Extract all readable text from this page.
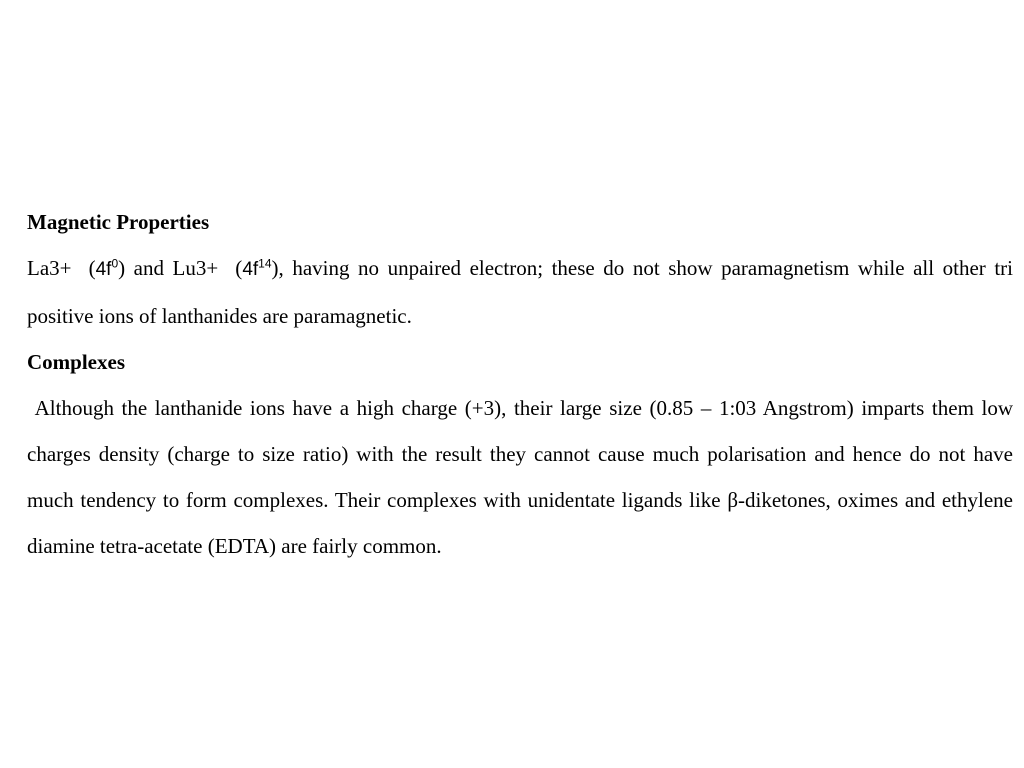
Magnetic Properties

$La3+ (4f^0)$ and $Lu3+ (4f^{14})$, having no unpaired electron; these do not show paramagnetism while all other tri positive ions of lanthanides are paramagnetic.

Complexes

Although the lanthanide ions have a high charge (+3), their large size (0.85 – 1:03 Angstrom) imparts them low charges density (charge to size ratio) with the result they cannot cause much polarisation and hence do not have much tendency to form complexes. Their complexes with unidentate ligands like β-diketones, oximes and ethylene diamine tetra-acetate (EDTA) are fairly common.
